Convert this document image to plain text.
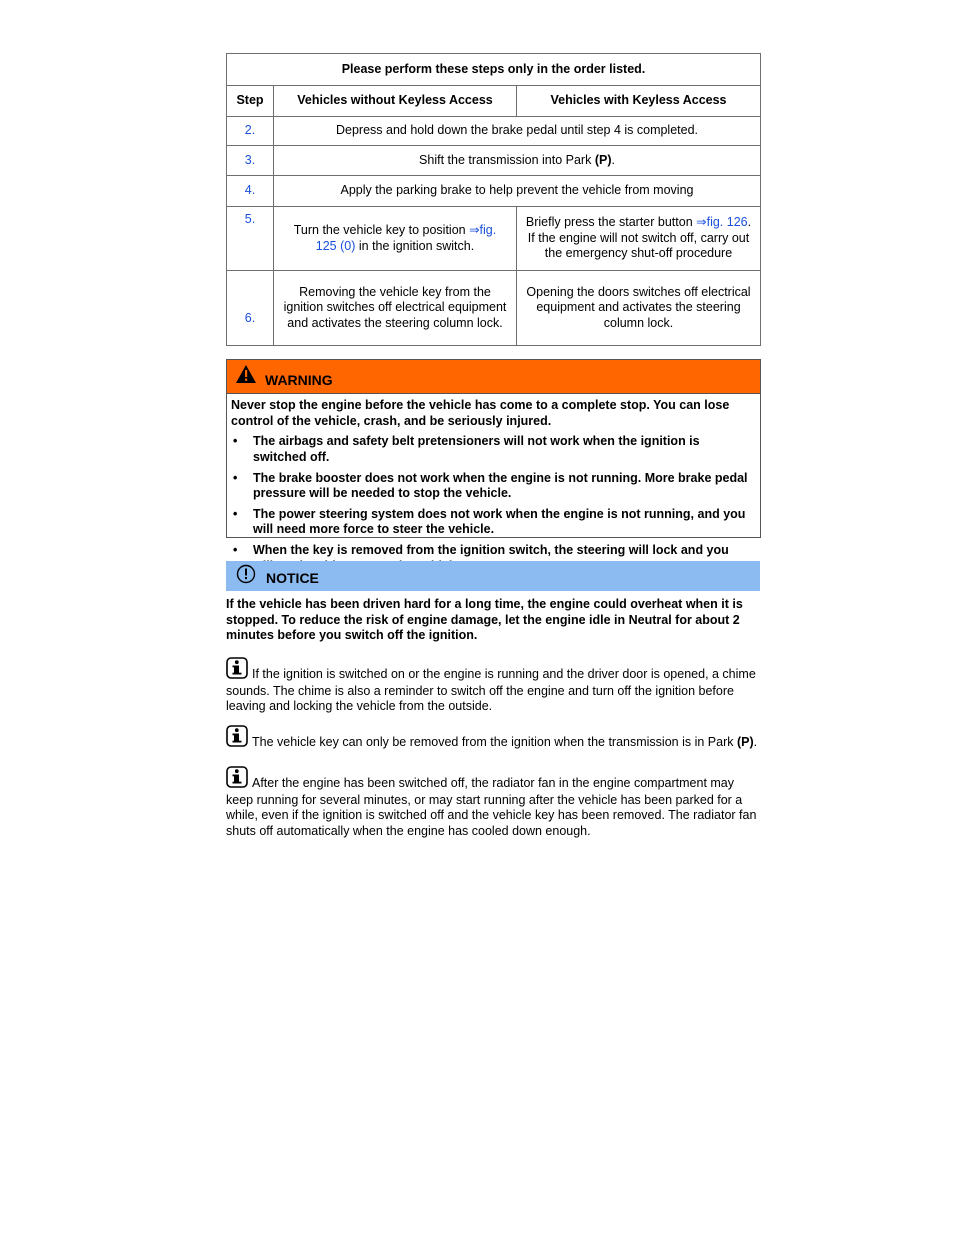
Please perform these steps only in the order listed.		
Step	Vehicles without Keyless Access	Vehicles with Keyless Access
2.	Depress and hold down the brake pedal until step 4 is completed.	
3.	Shift the transmission into Park (P).	
4.	Apply the parking brake to help prevent the vehicle from moving	
5.	Turn the vehicle key to position ⇒fig. 125 (0) in the ignition switch.	Briefly press the starter button ⇒fig. 126. If the engine will not switch off, carry out the emergency shut-off procedure
6.	Removing the vehicle key from the ignition switches off electrical equipment and activates the steering column lock.	Opening the doors switches off electrical equipment and activates the steering column lock.
WARNING

Never stop the engine before the vehicle has come to a complete stop. You can lose control of the vehicle, crash, and be seriously injured.

•	The airbags and safety belt pretensioners will not work when the ignition is switched off.
•	The brake booster does not work when the engine is not running. More brake pedal pressure will be needed to stop the vehicle.
•	The power steering system does not work when the engine is not running, and you will need more force to steer the vehicle.
•	When the key is removed from the ignition switch, the steering will lock and you
NOTICE

If the vehicle has been driven hard for a long time, the engine could overheat when it is stopped. To reduce the risk of engine damage, let the engine idle in Neutral for about 2 minutes before you switch off the ignition.

If the ignition is switched on or the engine is running and the driver door is opened, a chime sounds. The chime is also a reminder to switch off the engine and turn off the ignition before leaving and locking the vehicle from the outside.

The vehicle key can only be removed from the ignition when the transmission is in Park (P).

After the engine has been switched off, the radiator fan in the engine compartment may keep running for several minutes, or may start running after the vehicle has been parked for a while, even if the ignition is switched off and the vehicle key has been removed. The radiator fan shuts off automatically when the engine has cooled down enough.
